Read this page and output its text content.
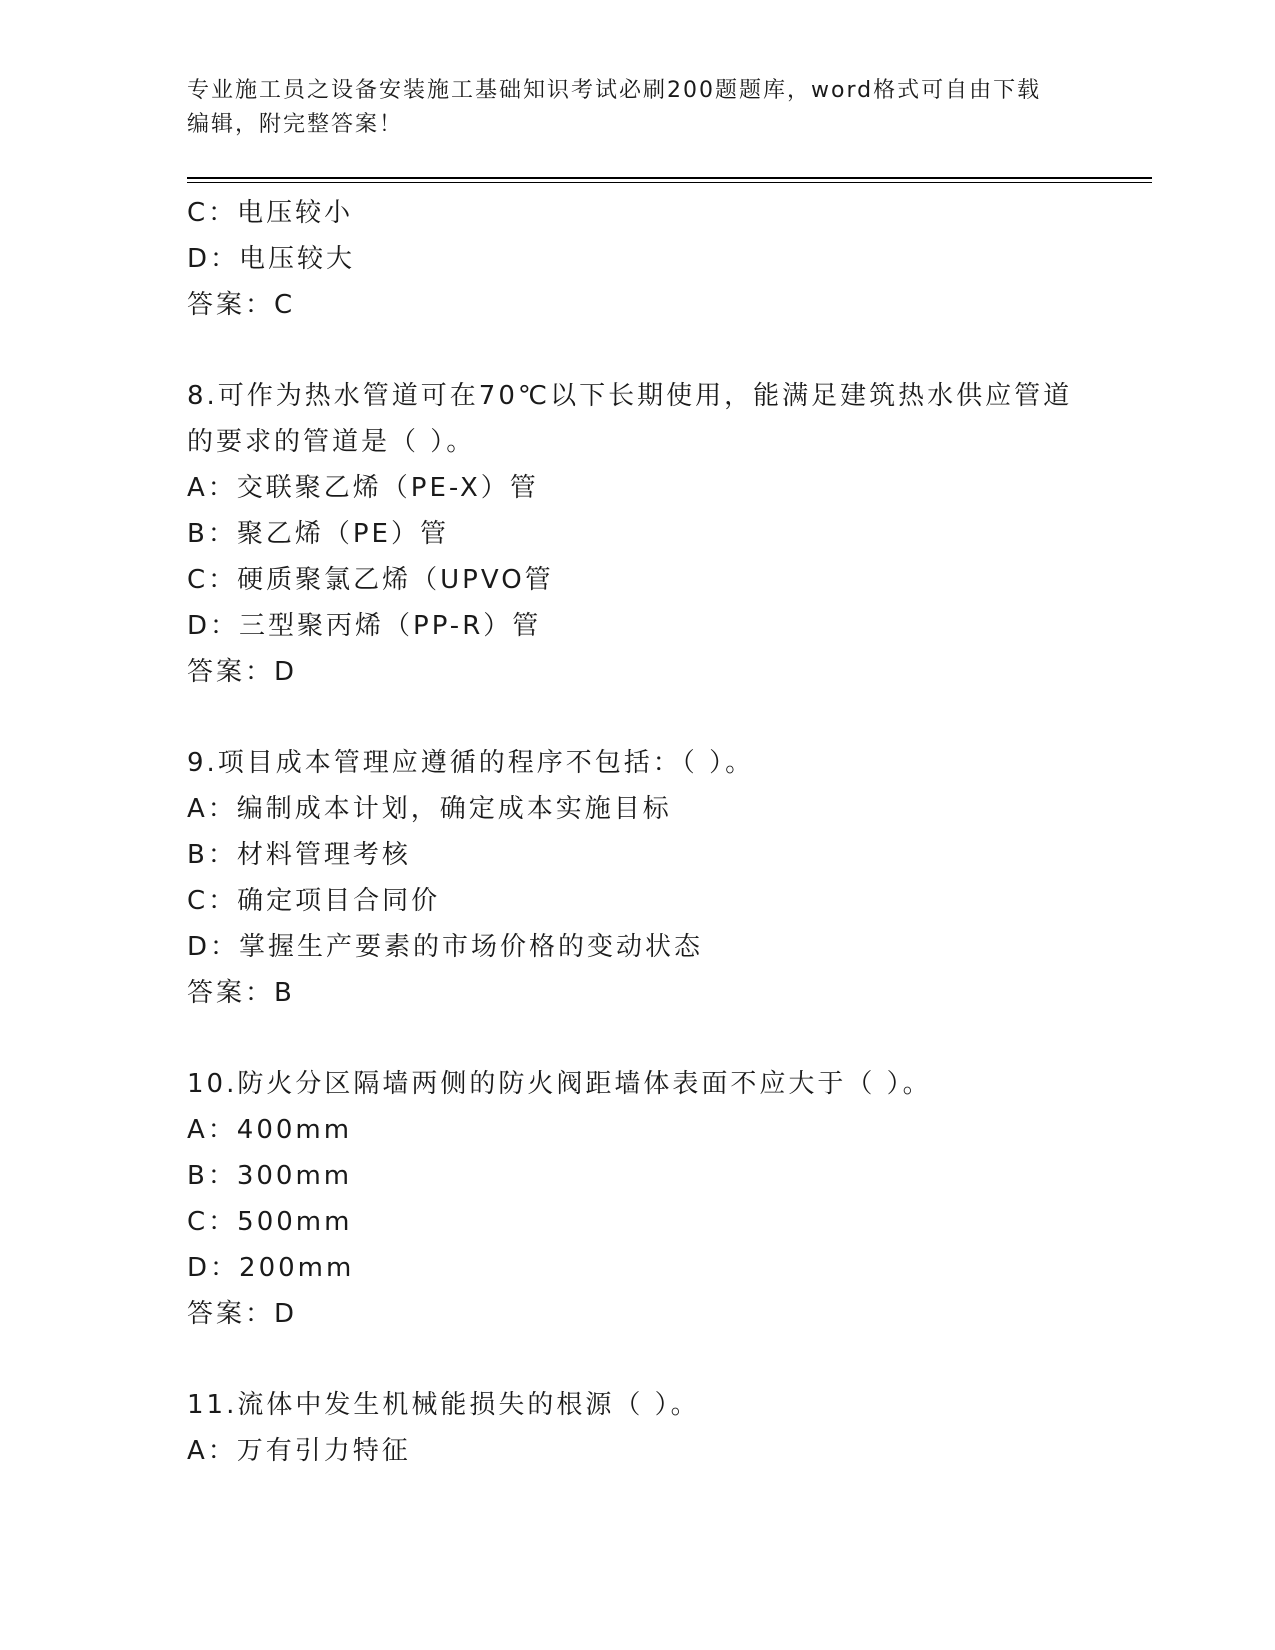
专业施工员之设备安装施工基础知识考试必刷200题题库，word格式可自由下载
编辑，附完整答案！
C：电压较小
D：电压较大
答案：C
8.可作为热水管道可在70℃以下长期使用，能满足建筑热水供应管道
的要求的管道是（ ）。
A：交联聚乙烯（PE-X）管
B：聚乙烯（PE）管
C：硬质聚氯乙烯（UPVO管
D：三型聚丙烯（PP-R）管
答案：D
9.项目成本管理应遵循的程序不包括：（ ）。
A：编制成本计划，确定成本实施目标
B：材料管理考核
C：确定项目合同价
D：掌握生产要素的市场价格的变动状态
答案：B
10.防火分区隔墙两侧的防火阀距墙体表面不应大于（ ）。
A：400mm
B：300mm
C：500mm
D：200mm
答案：D
11.流体中发生机械能损失的根源（ ）。
A：万有引力特征
